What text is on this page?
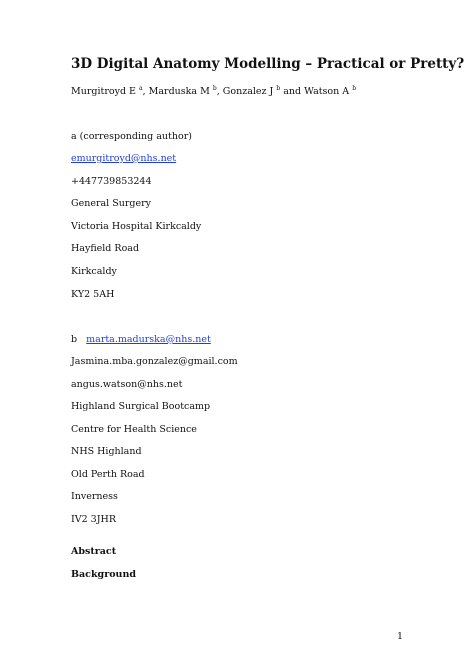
3D Digital Anatomy Modelling – Practical or Pretty?
Murgitroyd E $^a$, Marduska M $^b$, Gonzalez J $^b$ and Watson A $^b$
a (corresponding author)
emurgitroyd@nhs.net
+447739853244
General Surgery
Victoria Hospital Kirkcaldy
Hayfield Road
Kirkcaldy
KY2 5AH
b marta.madurska@nhs.net
Jasmina.mba.gonzalez@gmail.com
angus.watson@nhs.net
Highland Surgical Bootcamp
Centre for Health Science
NHS Highland
Old Perth Road
Inverness
IV2 3JHR
Abstract
Background
1
